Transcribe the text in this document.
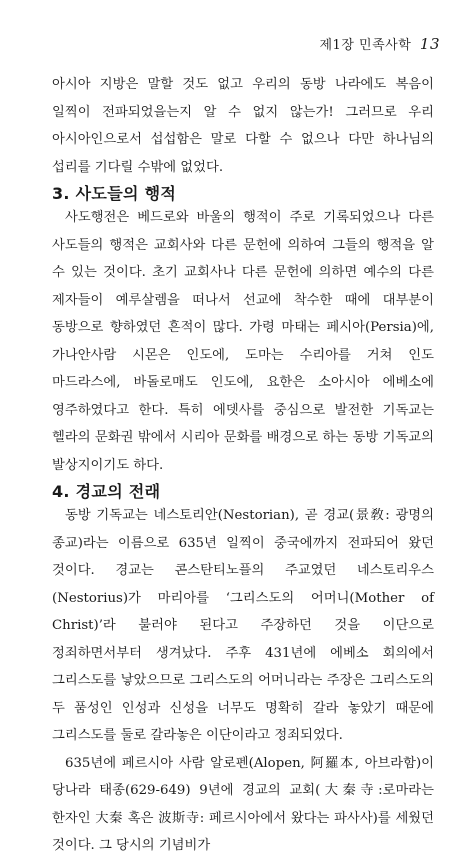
제1장 민족사학 13

아시아 지방은 말할 것도 없고 우리의 동방 나라에도 복음이 일찍이 전파되었을는지 알 수 없지 않는가! 그러므로 우리 아시아인으로서 섭섭함은 말로 다할 수 없으나 다만 하나님의 섭리를 기다릴 수밖에 없었다.

3. 사도들의 행적

사도행전은 베드로와 바울의 행적이 주로 기록되었으나 다른 사도들의 행적은 교회사와 다른 문헌에 의하여 그들의 행적을 알 수 있는 것이다. 초기 교회사나 다른 문헌에 의하면 예수의 다른 제자들이 예루살렘을 떠나서 선교에 착수한 때에 대부분이 동방으로 향하였던 흔적이 많다. 가령 마태는 페시아(Persia)에, 가나안사람 시몬은 인도에, 도마는 수리아를 거쳐 인도 마드라스에, 바돌로매도 인도에, 요한은 소아시아 에베소에 영주하였다고 한다. 특히 에뎃사를 중심으로 발전한 기독교는 헬라의 문화권 밖에서 시리아 문화를 배경으로 하는 동방 기독교의 발상지이기도 하다.

4. 경교의 전래

동방 기독교는 네스토리안(Nestorian), 곧 경교(景敎: 광명의 종교)라는 이름으로 635년 일찍이 중국에까지 전파되어 왔던 것이다. 경교는 콘스탄티노플의 주교였던 네스토리우스(Nestorius)가 마리아를 ‘그리스도의 어머니(Mother of Christ)’라 불러야 된다고 주장하던 것을 이단으로 정죄하면서부터 생겨났다. 주후 431년에 에베소 회의에서 그리스도를 낳았으므로 그리스도의 어머니라는 주장은 그리스도의 두 품성인 인성과 신성을 너무도 명확히 갈라 놓았기 때문에 그리스도를 둘로 갈라놓은 이단이라고 정죄되었다.

635년에 페르시아 사람 알로펜(Alopen, 阿羅本, 아브라함)이 당나라 태종(629-649) 9년에 경교의 교회(大秦寺:로마라는 한자인 大秦 혹은 波斯寺: 페르시아에서 왔다는 파사사)를 세웠던 것이다. 그 당시의 기념비가
